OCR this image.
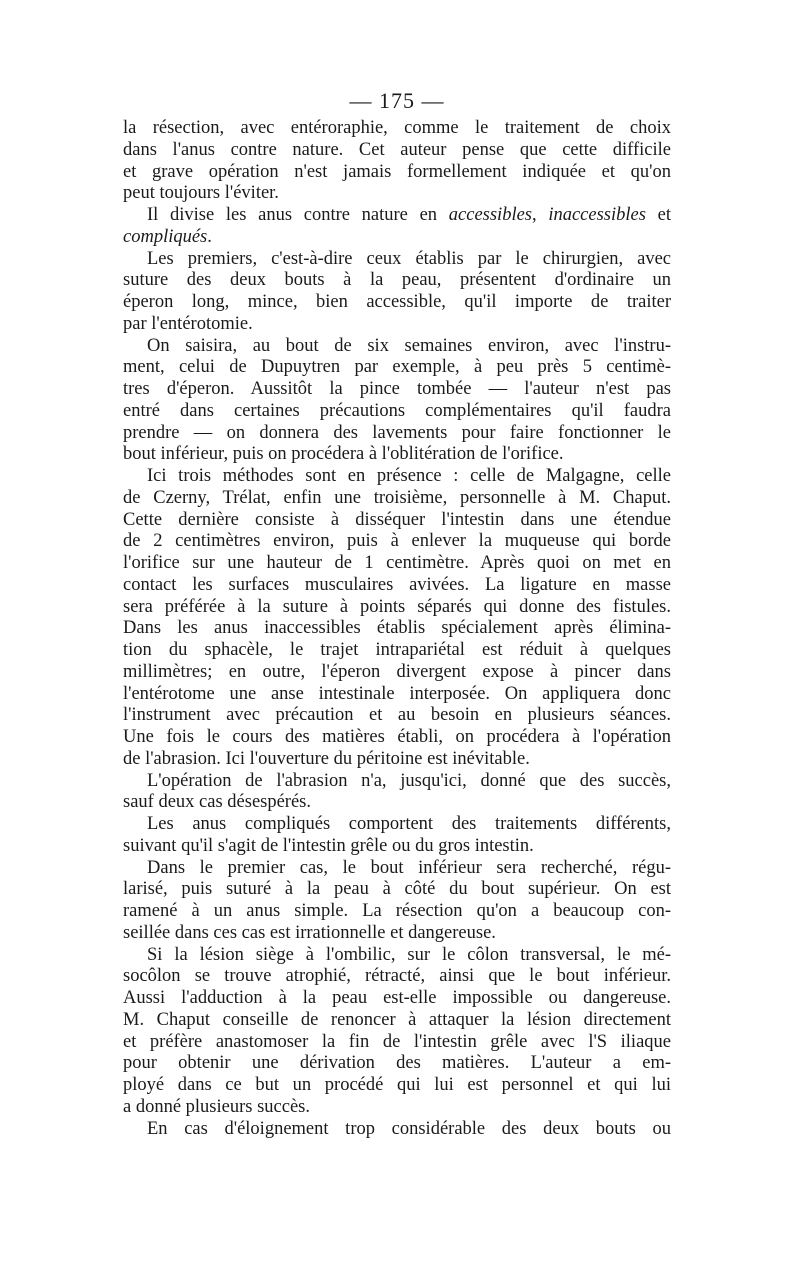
— 175 —
la résection, avec entéroraphie, comme le traitement de choix
dans l'anus contre nature. Cet auteur pense que cette difficile
et grave opération n'est jamais formellement indiquée et qu'on
peut toujours l'éviter.
Il divise les anus contre nature en accessibles, inaccessibles et
compliqués.
Les premiers, c'est-à-dire ceux établis par le chirurgien, avec
suture des deux bouts à la peau, présentent d'ordinaire un
éperon long, mince, bien accessible, qu'il importe de traiter
par l'entérotomie.
On saisira, au bout de six semaines environ, avec l'instru-
ment, celui de Dupuytren par exemple, à peu près 5 centimè-
tres d'éperon. Aussitôt la pince tombée — l'auteur n'est pas
entré dans certaines précautions complémentaires qu'il faudra
prendre — on donnera des lavements pour faire fonctionner le
bout inférieur, puis on procédera à l'oblitération de l'orifice.
Ici trois méthodes sont en présence : celle de Malgagne, celle
de Czerny, Trélat, enfin une troisième, personnelle à M. Chaput.
Cette dernière consiste à disséquer l'intestin dans une étendue
de 2 centimètres environ, puis à enlever la muqueuse qui borde
l'orifice sur une hauteur de 1 centimètre. Après quoi on met en
contact les surfaces musculaires avivées. La ligature en masse
sera préférée à la suture à points séparés qui donne des fistules.
Dans les anus inaccessibles établis spécialement après élimina-
tion du sphacèle, le trajet intrapariétal est réduit à quelques
millimètres; en outre, l'éperon divergent expose à pincer dans
l'entérotome une anse intestinale interposée. On appliquera donc
l'instrument avec précaution et au besoin en plusieurs séances.
Une fois le cours des matières établi, on procédera à l'opération
de l'abrasion. Ici l'ouverture du péritoine est inévitable.
L'opération de l'abrasion n'a, jusqu'ici, donné que des succès,
sauf deux cas désespérés.
Les anus compliqués comportent des traitements différents,
suivant qu'il s'agit de l'intestin grêle ou du gros intestin.
Dans le premier cas, le bout inférieur sera recherché, régu-
larisé, puis suturé à la peau à côté du bout supérieur. On est
ramené à un anus simple. La résection qu'on a beaucoup con-
seillée dans ces cas est irrationnelle et dangereuse.
Si la lésion siège à l'ombilic, sur le côlon transversal, le mé-
socôlon se trouve atrophié, rétracté, ainsi que le bout inférieur.
Aussi l'adduction à la peau est-elle impossible ou dangereuse.
M. Chaput conseille de renoncer à attaquer la lésion directement
et préfère anastomoser la fin de l'intestin grêle avec l'S iliaque
pour obtenir une dérivation des matières. L'auteur a em-
ployé dans ce but un procédé qui lui est personnel et qui lui
a donné plusieurs succès.
En cas d'éloignement trop considérable des deux bouts ou
